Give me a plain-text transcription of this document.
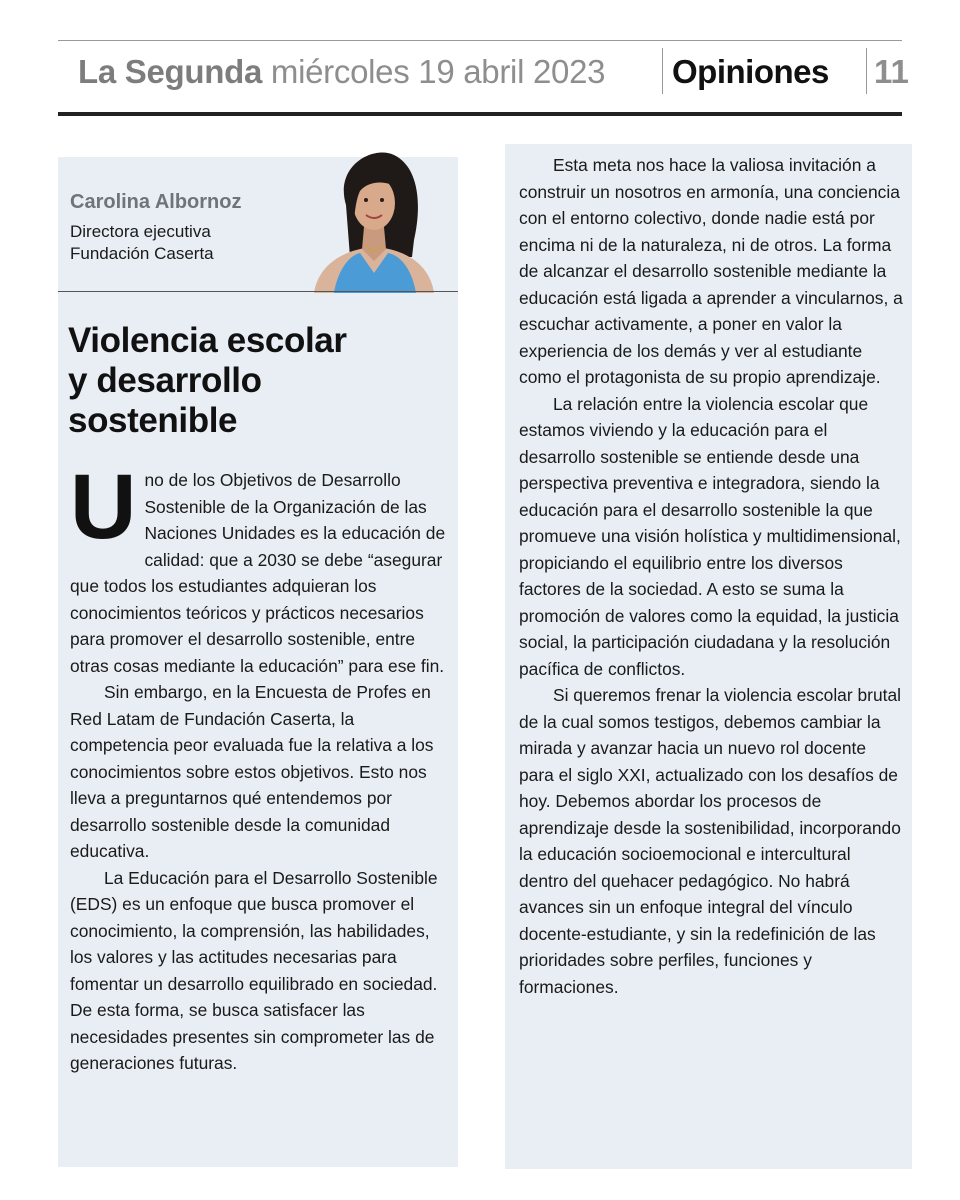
La Segunda miércoles 19 abril 2023 Opiniones 11
Carolina Albornoz
Directora ejecutiva
Fundación Caserta
Violencia escolar
y desarrollo
sostenible

Uno de los Objetivos de Desarrollo Sostenible de la Organización de las Naciones Unidades es la educación de calidad: que a 2030 se debe “asegurar que todos los estudiantes adquieran los conocimientos teóricos y prácticos necesarios para promover el desarrollo sostenible, entre otras cosas mediante la educación” para ese fin.

Sin embargo, en la Encuesta de Profes en Red Latam de Fundación Caserta, la competencia peor evaluada fue la relativa a los conocimientos sobre estos objetivos. Esto nos lleva a preguntarnos qué entendemos por desarrollo sostenible desde la comunidad educativa.

La Educación para el Desarrollo Sostenible (EDS) es un enfoque que busca promover el conocimiento, la comprensión, las habilidades, los valores y las actitudes necesarias para fomentar un desarrollo equilibrado en sociedad. De esta forma, se busca satisfacer las necesidades presentes sin comprometer las de generaciones futuras.

Esta meta nos hace la valiosa invitación a construir un nosotros en armonía, una conciencia con el entorno colectivo, donde nadie está por encima ni de la naturaleza, ni de otros. La forma de alcanzar el desarrollo sostenible mediante la educación está ligada a aprender a vincularnos, a escuchar activamente, a poner en valor la experiencia de los demás y ver al estudiante como el protagonista de su propio aprendizaje.

La relación entre la violencia escolar que estamos viviendo y la educación para el desarrollo sostenible se entiende desde una perspectiva preventiva e integradora, siendo la educación para el desarrollo sostenible la que promueve una visión holística y multidimensional, propiciando el equilibrio entre los diversos factores de la sociedad. A esto se suma la promoción de valores como la equidad, la justicia social, la participación ciudadana y la resolución pacífica de conflictos.

Si queremos frenar la violencia escolar brutal de la cual somos testigos, debemos cambiar la mirada y avanzar hacia un nuevo rol docente para el siglo XXI, actualizado con los desafíos de hoy. Debemos abordar los procesos de aprendizaje desde la sostenibilidad, incorporando la educación socioemocional e intercultural dentro del quehacer pedagógico. No habrá avances sin un enfoque integral del vínculo docente-estudiante, y sin la redefinición de las prioridades sobre perfiles, funciones y formaciones.
